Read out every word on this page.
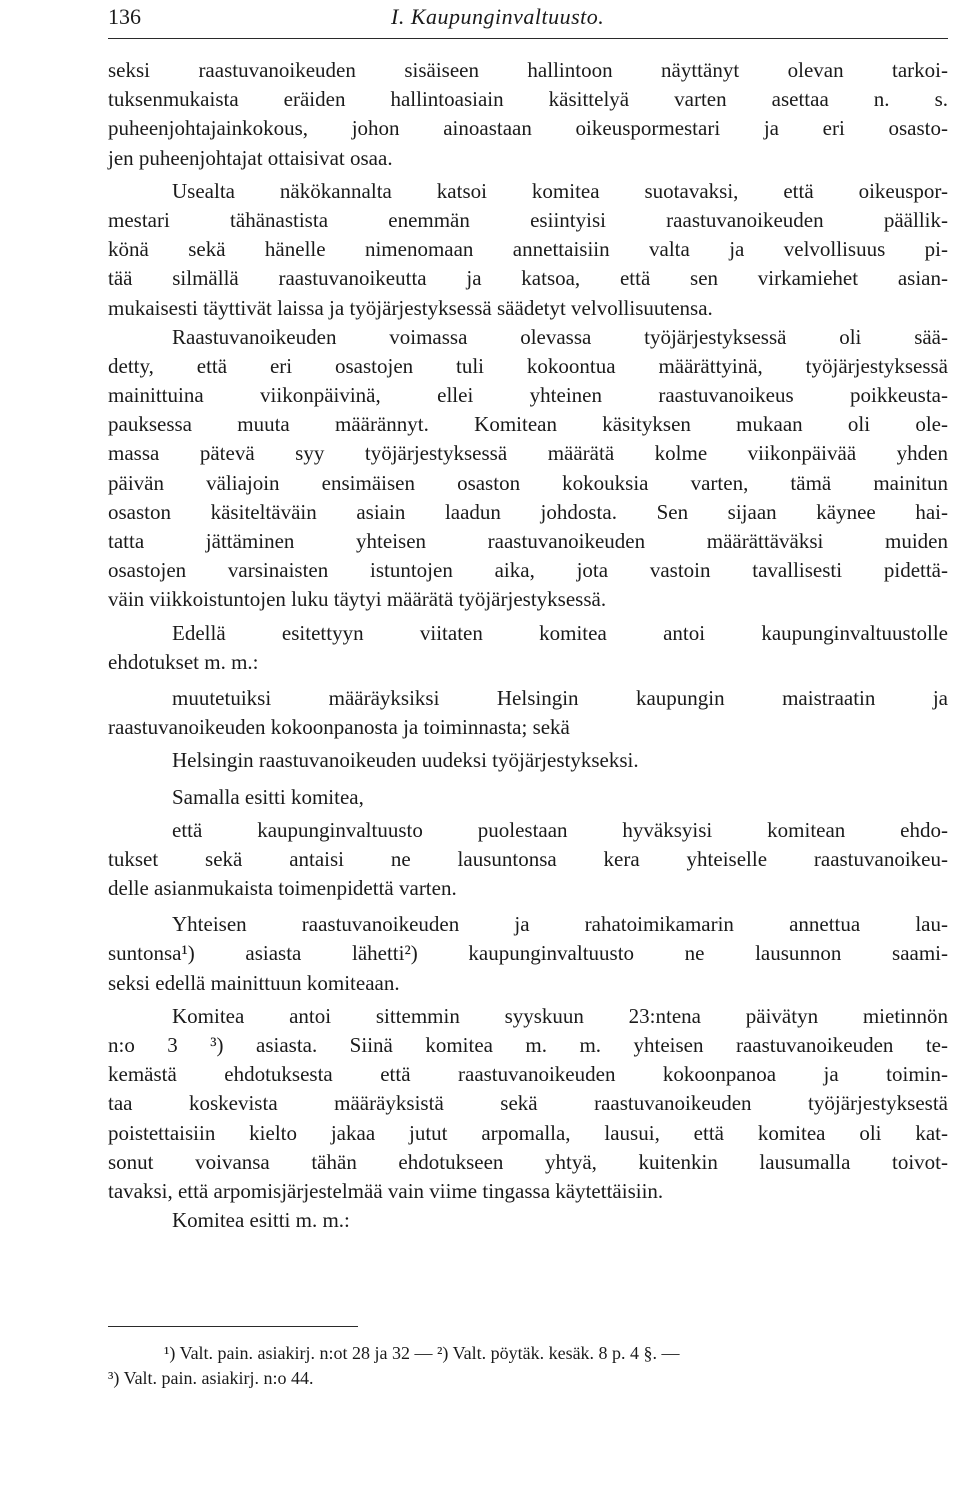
136	I. Kaupunginvaltuusto.
seksi raastuvanoikeuden sisäiseen hallintoon näyttänyt olevan tarkoi-
tuksenmukaista eräiden hallintoasiain käsittelyä varten asettaa n. s.
puheenjohtajainkokous, johon ainoastaan oikeuspormestari ja eri osasto-
jen puheenjohtajat ottaisivat osaa.
Usealta näkökannalta katsoi komitea suotavaksi, että oikeuspor-
mestari tähänastista enemmän esiintyisi raastuvanoikeuden päällik-
könä sekä hänelle nimenomaan annettaisiin valta ja velvollisuus pi-
tää silmällä raastuvanoikeutta ja katsoa, että sen virkamiehet asian-
mukaisesti täyttivät laissa ja työjärjestyksessä säädetyt velvollisuutensa.
Raastuvanoikeuden voimassa olevassa työjärjestyksessä oli sää-
detty, että eri osastojen tuli kokoontua määrättyinä, työjärjestyksessä
mainittuina viikonpäivinä, ellei yhteinen raastuvanoikeus poikkeusta-
pauksessa muuta määrännyt. Komitean käsityksen mukaan oli ole-
massa pätevä syy työjärjestyksessä määrätä kolme viikonpäivää yhden
päivän väliajoin ensimäisen osaston kokouksia varten, tämä mainitun
osaston käsiteltäväin asiain laadun johdosta. Sen sijaan käynee hai-
tatta jättäminen yhteisen raastuvanoikeuden määrättäväksi muiden
osastojen varsinaisten istuntojen aika, jota vastoin tavallisesti pidettä-
väin viikkoistuntojen luku täytyi määrätä työjärjestyksessä.
Edellä esitettyyn viitaten komitea antoi kaupunginvaltuustolle
ehdotukset m. m.:
muutetuiksi määräyksiksi Helsingin kaupungin maistraatin ja
raastuvanoikeuden kokoonpanosta ja toiminnasta; sekä
Helsingin raastuvanoikeuden uudeksi työjärjestykseksi.
Samalla esitti komitea,
että kaupunginvaltuusto puolestaan hyväksyisi komitean ehdo-
tukset sekä antaisi ne lausuntonsa kera yhteiselle raastuvanoikeu-
delle asianmukaista toimenpidettä varten.
Yhteisen raastuvanoikeuden ja rahatoimikamarin annettua lau-
suntonsa¹) asiasta lähetti²) kaupunginvaltuusto ne lausunnon saami-
seksi edellä mainittuun komiteaan.
Komitea antoi sittemmin syyskuun 23:ntena päivätyn mietinnön
n:o 3 ³) asiasta. Siinä komitea m. m. yhteisen raastuvanoikeuden te-
kemästä ehdotuksesta että raastuvanoikeuden kokoonpanoa ja toimin-
taa koskevista määräyksistä sekä raastuvanoikeuden työjärjestyksestä
poistettaisiin kielto jakaa jutut arpomalla, lausui, että komitea oli kat-
sonut voivansa tähän ehdotukseen yhtyä, kuitenkin lausumalla toivot-
tavaksi, että arpomisjärjestelmää vain viime tingassa käytettäisiin.
Komitea esitti m. m.:
¹) Valt. pain. asiakirj. n:ot 28 ja 32 — ²) Valt. pöytäk. kesäk. 8 p. 4 §. —
³) Valt. pain. asiakirj. n:o 44.
